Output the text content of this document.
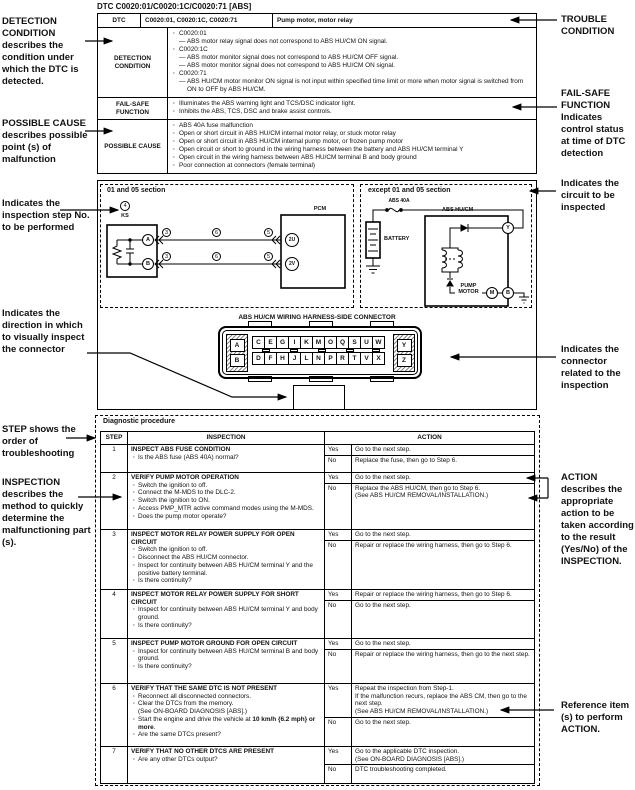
DTC C0020:01/C0020:1C/C0020:71 [ABS]
DTC	C0020:01, C0020:1C, C0020:71	Pump motor, motor relay
DETECTION CONDITION
· C0020:01
— ABS motor relay signal does not correspond to ABS HU/CM ON signal.
· C0020:1C
— ABS motor monitor signal does not correspond to ABS HU/CM OFF signal.
— ABS motor monitor signal does not correspond to ABS HU/CM ON signal.
· C0020:71
— ABS HU/CM motor monitor ON signal is not input within specified time limit or more when motor signal is switched from ON to OFF by ABS HU/CM.
FAIL-SAFE FUNCTION
· Illuminates the ABS warning light and TCS/DSC indicator light.
· Inhibits the ABS, TCS, DSC and brake assist controls.
POSSIBLE CAUSE
· ABS 40A fuse malfunction
· Open or short circuit in ABS HU/CM internal motor relay, or stuck motor relay
· Open or short circuit in ABS HU/CM internal pump motor, or frozen pump motor
· Open circuit or short to ground in the wiring harness between the battery and ABS HU/CM terminal Y
· Open circuit in the wiring harness between ABS HU/CM terminal B and body ground
· Poor connection at connectors (female terminal)
01 and 05 section	except 01 and 05 section
4
KS
3	6	5
3	6	5
A
B
PCM
2U
2V
ABS 40A
BATTERY
ABS HU/CM
PUMP MOTOR	M
Y
B
ABS HU/CM WIRING HARNESS-SIDE CONNECTOR
A
B
Y
Z
C	E	G	I	K	M	O	Q	S	U	W
D	F	H	J	L	N	P	R	T	V	X
Diagnostic procedure
STEP	INSPECTION	ACTION
1	INSPECT ABS FUSE CONDITION
· Is the ABS fuse (ABS 40A) normal?
Yes	Go to the next step.
No	Replace the fuse, then go to Step 6.
2	VERIFY PUMP MOTOR OPERATION
· Switch the ignition to off.
· Connect the M-MDS to the DLC-2.
· Switch the ignition to ON.
· Access PMP_MTR active command modes using the M-MDS.
· Does the pump motor operate?
Yes	Go to the next step.
No	Replace the ABS HU/CM, then go to Step 6.
(See ABS HU/CM REMOVAL/INSTALLATION.)
3	INSPECT MOTOR RELAY POWER SUPPLY FOR OPEN CIRCUIT
· Switch the ignition to off.
· Disconnect the ABS HU/CM connector.
· Inspect for continuity between ABS HU/CM terminal Y and the positive battery terminal.
· Is there continuity?
Yes	Go to the next step.
No	Repair or replace the wiring harness, then go to Step 6.
4	INSPECT MOTOR RELAY POWER SUPPLY FOR SHORT CIRCUIT
· Inspect for continuity between ABS HU/CM terminal Y and body ground.
· Is there continuity?
Yes	Repair or replace the wiring harness, then go to Step 6.
No	Go to the next step.
5	INSPECT PUMP MOTOR GROUND FOR OPEN CIRCUIT
· Inspect for continuity between ABS HU/CM terminal B and body ground.
· Is there continuity?
Yes	Go to the next step.
No	Repair or replace the wiring harness, then go to the next step.
6	VERIFY THAT THE SAME DTC IS NOT PRESENT
· Reconnect all disconnected connectors.
· Clear the DTCs from the memory.
(See ON-BOARD DIAGNOSIS [ABS].)
· Start the engine and drive the vehicle at 10 km/h {6.2 mph} or more.
· Are the same DTCs present?
Yes	Repeat the inspection from Step-1.
If the malfunction recurs, replace the ABS CM, then go to the next step.
(See ABS HU/CM REMOVAL/INSTALLATION.)
No	Go to the next step.
7	VERIFY THAT NO OTHER DTCS ARE PRESENT
· Are any other DTCs output?
Yes	Go to the applicable DTC inspection.
(See ON-BOARD DIAGNOSIS [ABS].)
No	DTC troubleshooting completed.
DETECTION CONDITION describes the condition under which the DTC is detected.
POSSIBLE CAUSE describes possible point (s) of malfunction
Indicates the inspection step No. to be performed
Indicates the direction in which to visually inspect the connector
STEP shows the order of troubleshooting
INSPECTION describes the method to quickly determine the malfunctioning part (s).
TROUBLE CONDITION
FAIL-SAFE FUNCTION Indicates control status at time of DTC detection
Indicates the circuit to be inspected
Indicates the connector related to the inspection
ACTION describes the appropriate action to be taken according to the result (Yes/No) of the INSPECTION.
Reference item (s) to perform ACTION.
